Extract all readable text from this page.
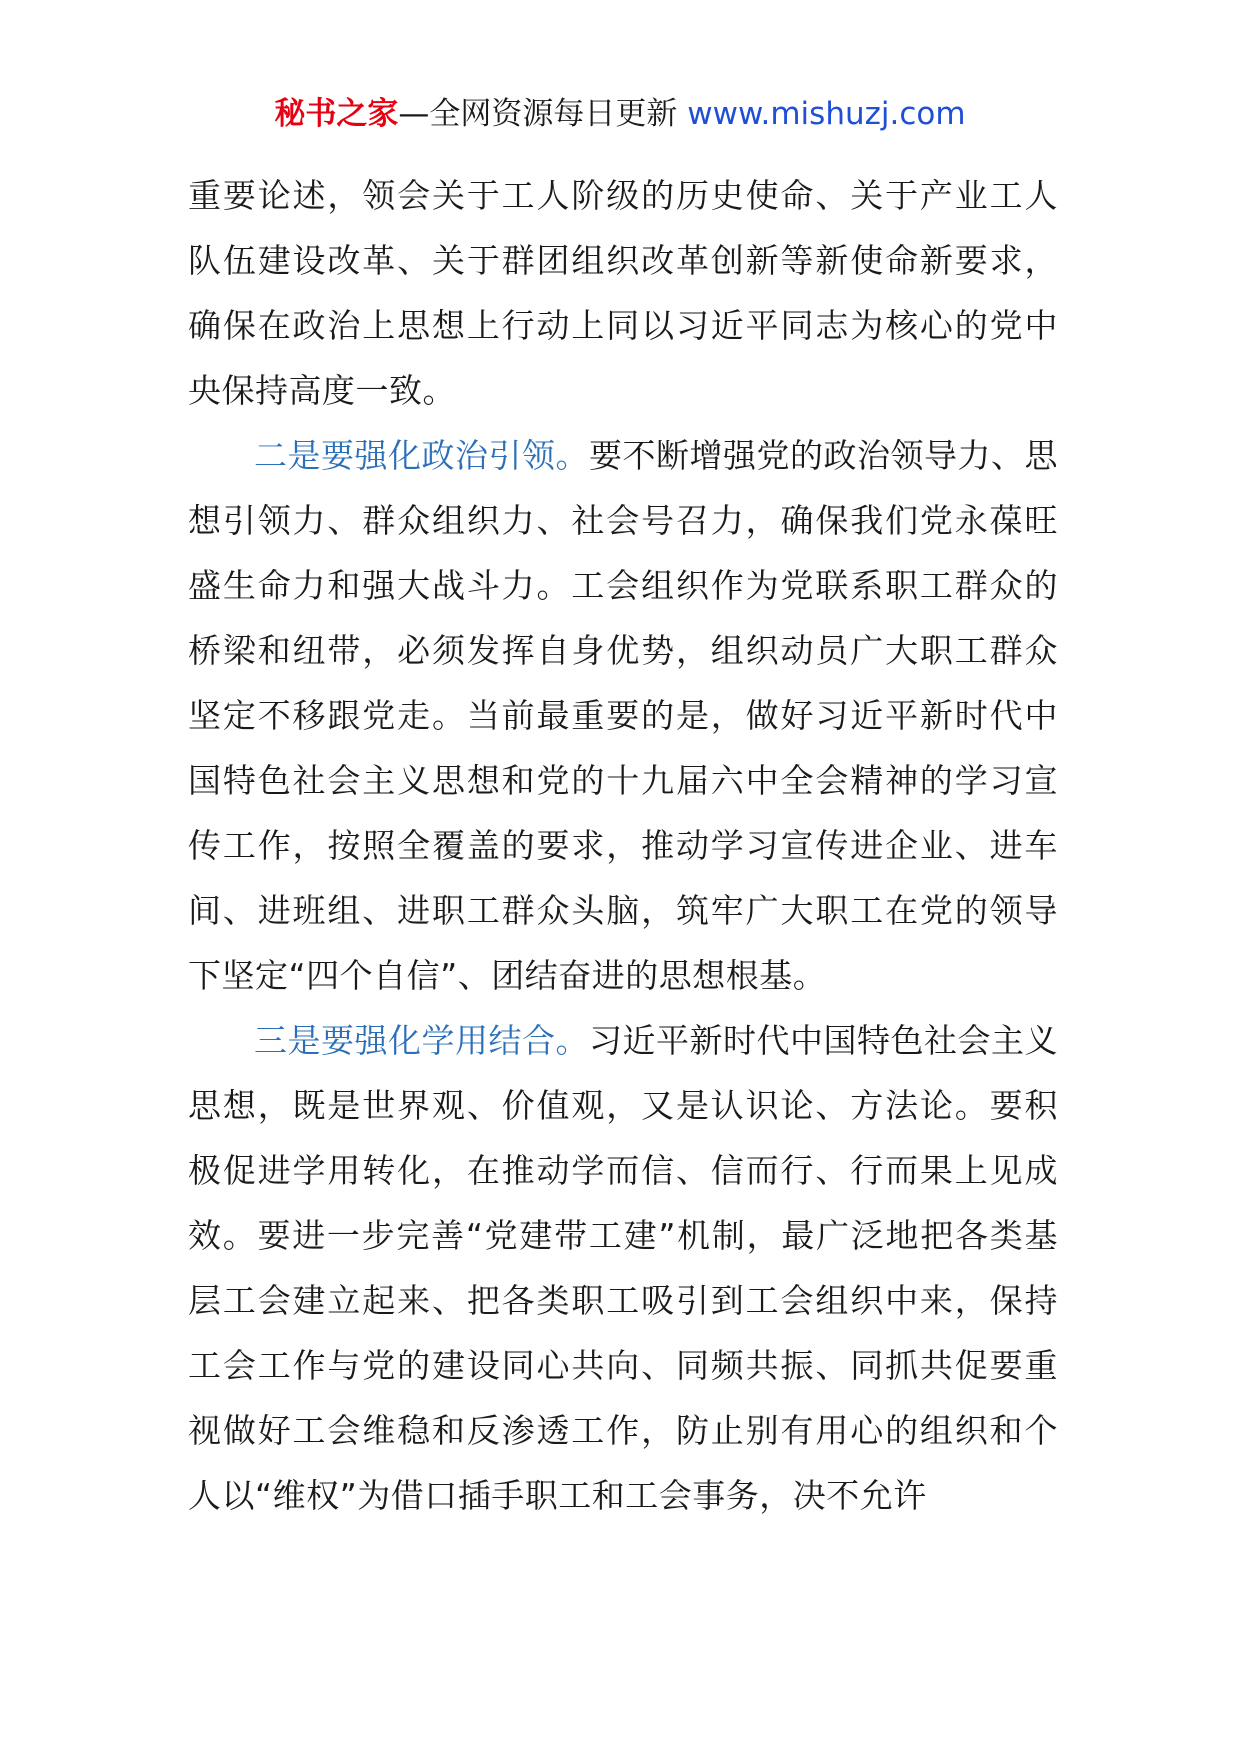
秘书之家—全网资源每日更新 www.mishuzj.com

重要论述，领会关于工人阶级的历史使命、关于产业工人队伍建设改革、关于群团组织改革创新等新使命新要求，确保在政治上思想上行动上同以习近平同志为核心的党中央保持高度一致。

二是要强化政治引领。要不断增强党的政治领导力、思想引领力、群众组织力、社会号召力，确保我们党永葆旺盛生命力和强大战斗力。工会组织作为党联系职工群众的桥梁和纽带，必须发挥自身优势，组织动员广大职工群众坚定不移跟党走。当前最重要的是，做好习近平新时代中国特色社会主义思想和党的十九届六中全会精神的学习宣传工作，按照全覆盖的要求，推动学习宣传进企业、进车间、进班组、进职工群众头脑，筑牢广大职工在党的领导下坚定“四个自信”、团结奋进的思想根基。

三是要强化学用结合。习近平新时代中国特色社会主义思想，既是世界观、价值观，又是认识论、方法论。要积极促进学用转化，在推动学而信、信而行、行而果上见成效。要进一步完善“党建带工建”机制，最广泛地把各类基层工会建立起来、把各类职工吸引到工会组织中来，保持工会工作与党的建设同心共向、同频共振、同抓共促要重视做好工会维稳和反渗透工作，防止别有用心的组织和个人以“维权”为借口插手职工和工会事务，决不允许
